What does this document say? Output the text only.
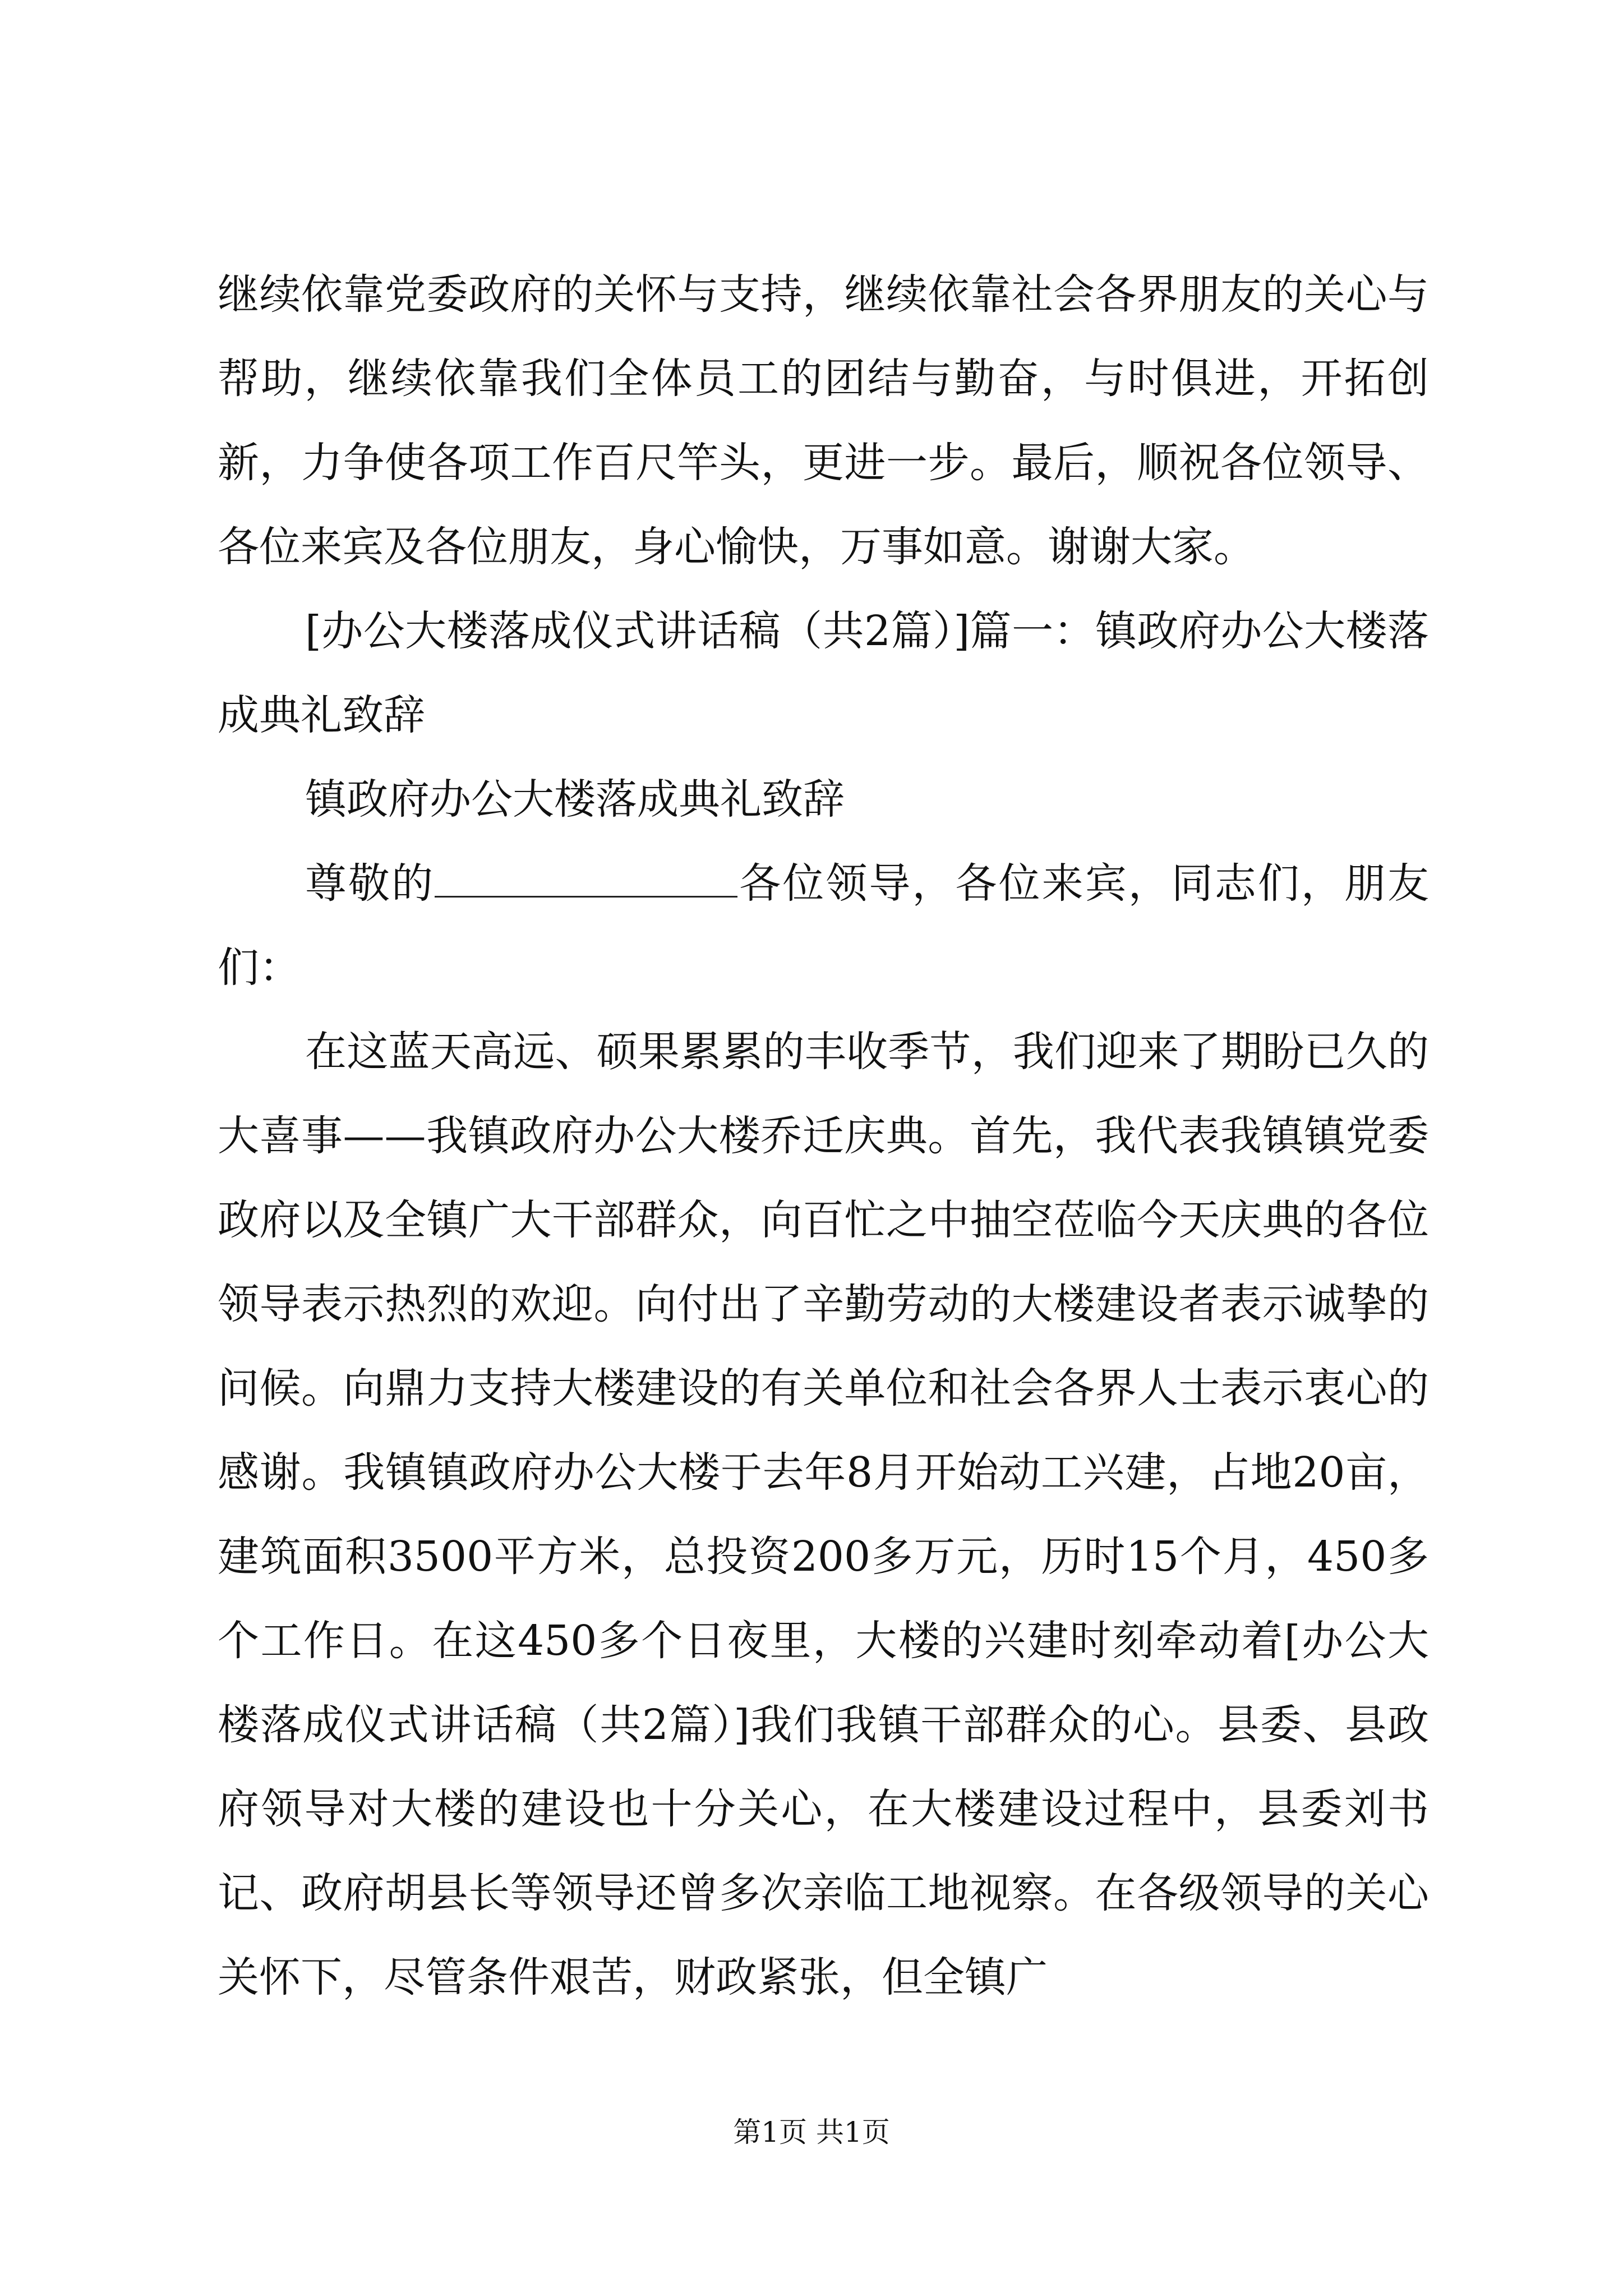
继续依靠党委政府的关怀与支持，继续依靠社会各界朋友的关心与帮助，继续依靠我们全体员工的团结与勤奋，与时俱进，开拓创新，力争使各项工作百尺竿头，更进一步。最后，顺祝各位领导、各位来宾及各位朋友，身心愉快，万事如意。谢谢大家。

[办公大楼落成仪式讲话稿（共2篇）]篇一：镇政府办公大楼落成典礼致辞

镇政府办公大楼落成典礼致辞

尊敬的	各位领导，各位来宾，同志们，朋友们：

在这蓝天高远、硕果累累的丰收季节，我们迎来了期盼已久的大喜事——我镇政府办公大楼乔迁庆典。首先，我代表我镇镇党委政府以及全镇广大干部群众，向百忙之中抽空莅临今天庆典的各位领导表示热烈的欢迎。向付出了辛勤劳动的大楼建设者表示诚挚的问候。向鼎力支持大楼建设的有关单位和社会各界人士表示衷心的感谢。我镇镇政府办公大楼于去年8月开始动工兴建，占地20亩，建筑面积3500平方米，总投资200多万元，历时15个月，450多个工作日。在这450多个日夜里，大楼的兴建时刻牵动着[办公大楼落成仪式讲话稿（共2篇）]我们我镇干部群众的心。县委、县政府领导对大楼的建设也十分关心，在大楼建设过程中，县委刘书记、政府胡县长等领导还曾多次亲临工地视察。在各级领导的关心关怀下，尽管条件艰苦，财政紧张，但全镇广

第1页 共1页
